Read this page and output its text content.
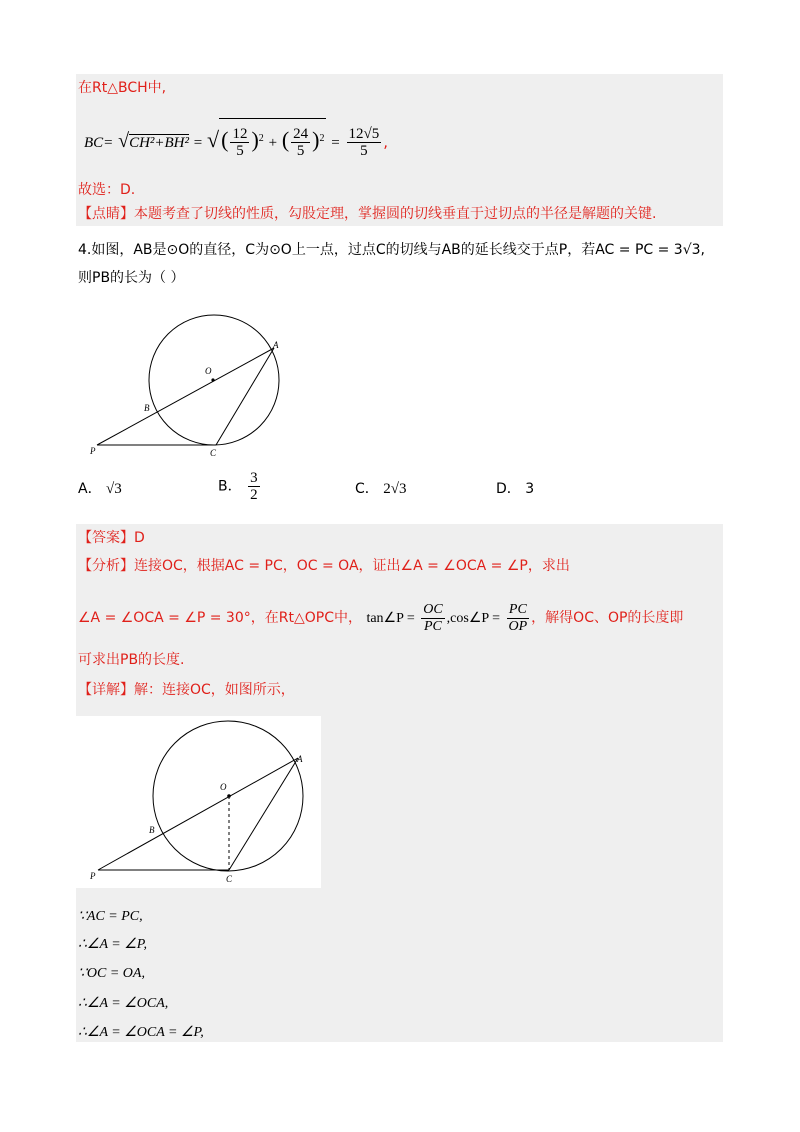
在Rt△BCH中,
BC= √CH²+BH² = √( $\frac{12}{5} )^2$ + ( $\frac{24}{5} )^2 = \frac{12√5}{5}$ ,
故选：D.
【点睛】本题考查了切线的性质，勾股定理，掌握圆的切线垂直于过切点的半径是解题的关键.
4.如图，AB是⊙O的直径，C为⊙O上一点，过点C的切线与AB的延长线交于点P，若AC = PC = 3√3,
则PB的长为（ ）
O
A
B
C
P
A． √3	B． $\frac{3}{2}$	C． 2√3	D． 3
【答案】D
【分析】连接OC，根据AC = PC，OC = OA，证出∠A = ∠OCA = ∠P，求出
∠A = ∠OCA = ∠P = 30°，在Rt△OPC中， tan∠P = $\frac{OC}{PC}$ ,cos∠P = $\frac{PC}{OP}$ ，解得OC、OP的长度即
可求出PB的长度.
【详解】解：连接OC，如图所示，
O
A
B
C
P
∵AC = PC,
∴∠A = ∠P,
∵OC = OA,
∴∠A = ∠OCA,
∴∠A = ∠OCA = ∠P,
